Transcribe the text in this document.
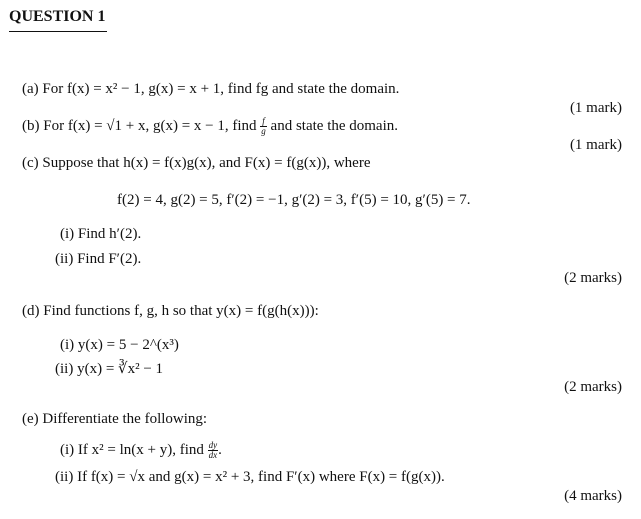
QUESTION 1
(a) For f(x) = x² − 1, g(x) = x + 1, find fg and state the domain.
(1 mark)
(b) For f(x) = √1 + x, g(x) = x − 1, find $\frac{f}{g}$ and state the domain.
(1 mark)
(c) Suppose that h(x) = f(x)g(x), and F(x) = f(g(x)), where
f(2) = 4, g(2) = 5, f′(2) = −1, g′(2) = 3, f′(5) = 10, g′(5) = 7.
(i) Find h′(2).
(ii) Find F′(2).
(2 marks)
(d) Find functions f, g, h so that y(x) = f(g(h(x))):
(i) y(x) = 5 − 2^(x³)
(ii) y(x) = ∛x² − 1
(2 marks)
(e) Differentiate the following:
(i) If x² = ln(x + y), find $\frac{dy}{dx}$ .
(ii) If f(x) = √x and g(x) = x² + 3, find F′(x) where F(x) = f(g(x)).
(4 marks)
